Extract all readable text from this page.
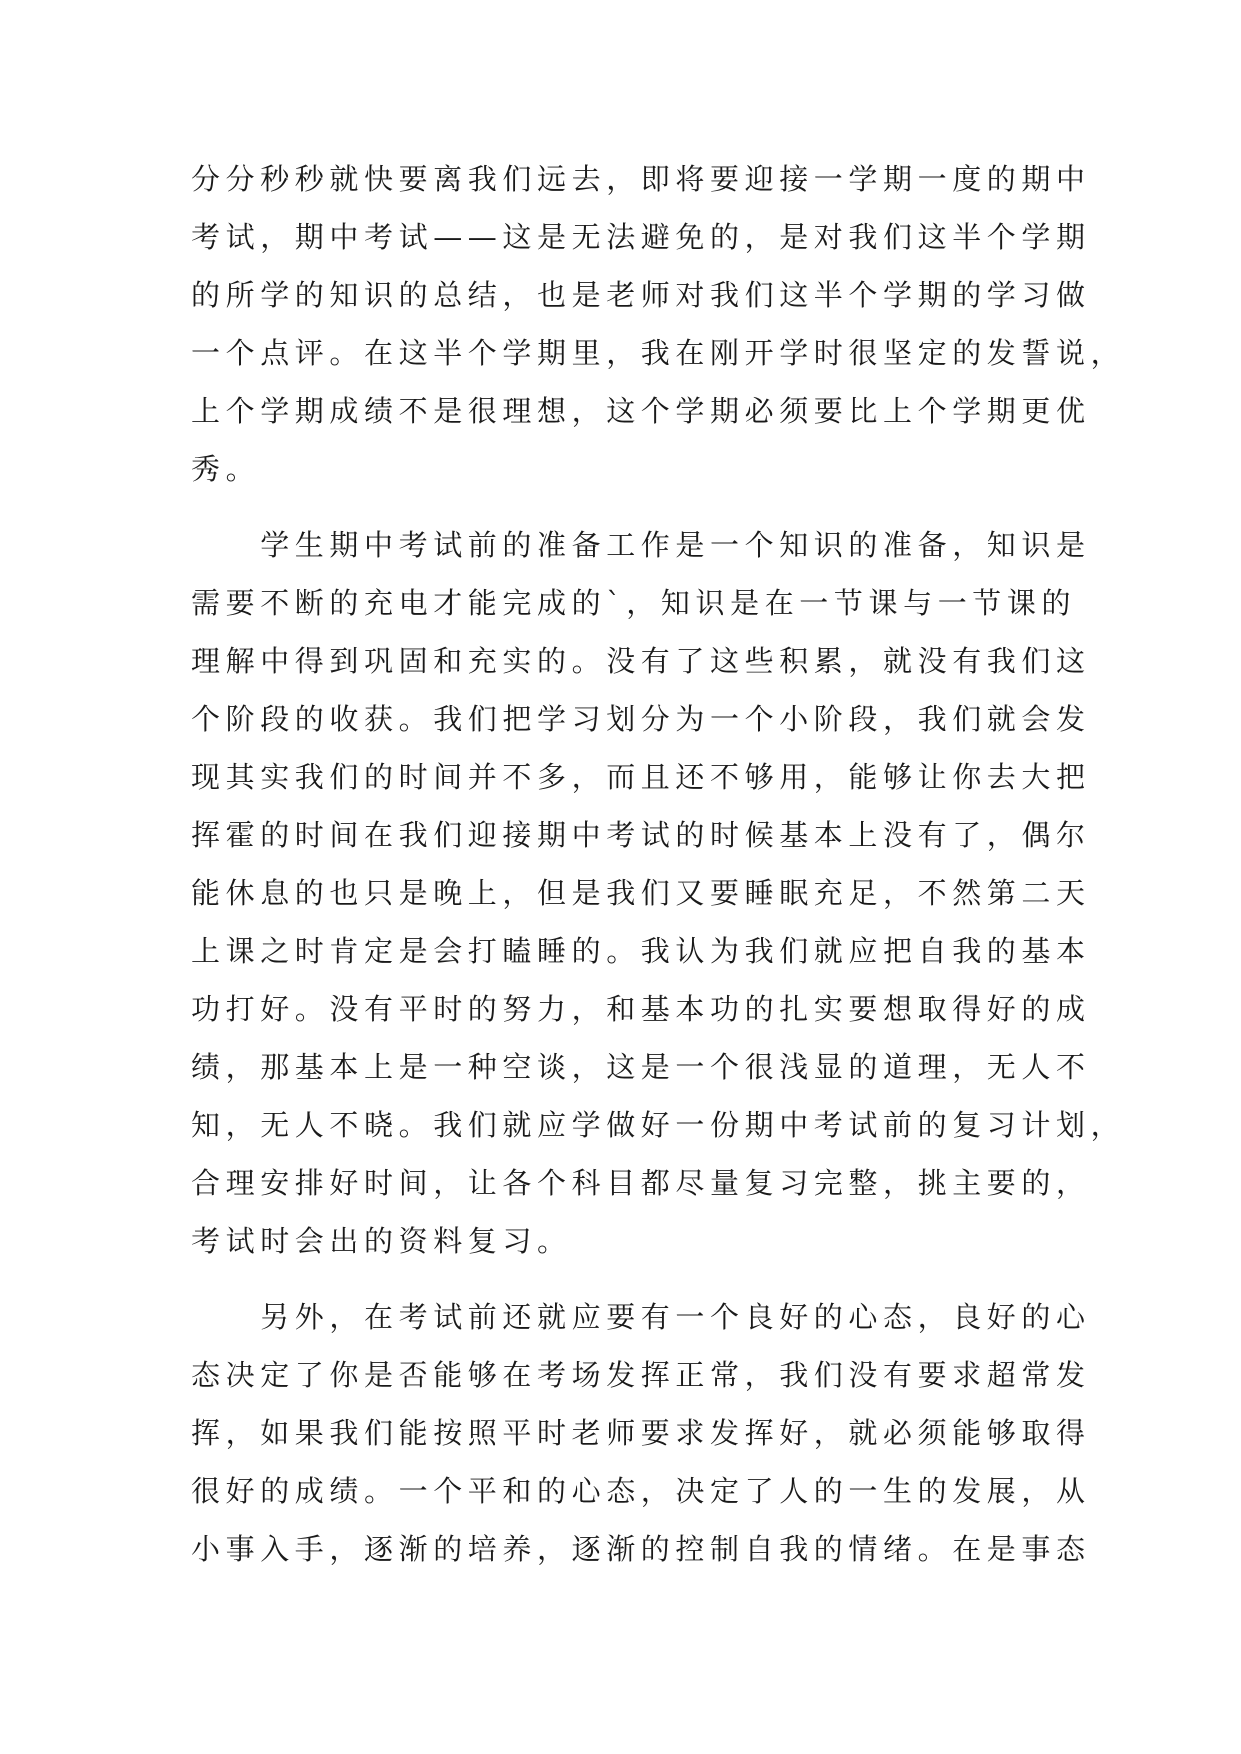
分分秒秒就快要离我们远去，即将要迎接一学期一度的期中
考试，期中考试——这是无法避免的，是对我们这半个学期
的所学的知识的总结，也是老师对我们这半个学期的学习做
一个点评。在这半个学期里，我在刚开学时很坚定的发誓说，
上个学期成绩不是很理想，这个学期必须要比上个学期更优
秀。
　　学生期中考试前的准备工作是一个知识的准备，知识是
需要不断的充电才能完成的`，知识是在一节课与一节课的
理解中得到巩固和充实的。没有了这些积累，就没有我们这
个阶段的收获。我们把学习划分为一个小阶段，我们就会发
现其实我们的时间并不多，而且还不够用，能够让你去大把
挥霍的时间在我们迎接期中考试的时候基本上没有了，偶尔
能休息的也只是晚上，但是我们又要睡眠充足，不然第二天
上课之时肯定是会打瞌睡的。我认为我们就应把自我的基本
功打好。没有平时的努力，和基本功的扎实要想取得好的成
绩，那基本上是一种空谈，这是一个很浅显的道理，无人不
知，无人不晓。我们就应学做好一份期中考试前的复习计划，
合理安排好时间，让各个科目都尽量复习完整，挑主要的，
考试时会出的资料复习。
　　另外，在考试前还就应要有一个良好的心态，良好的心
态决定了你是否能够在考场发挥正常，我们没有要求超常发
挥，如果我们能按照平时老师要求发挥好，就必须能够取得
很好的成绩。一个平和的心态，决定了人的一生的发展，从
小事入手，逐渐的培养，逐渐的控制自我的情绪。在是事态
